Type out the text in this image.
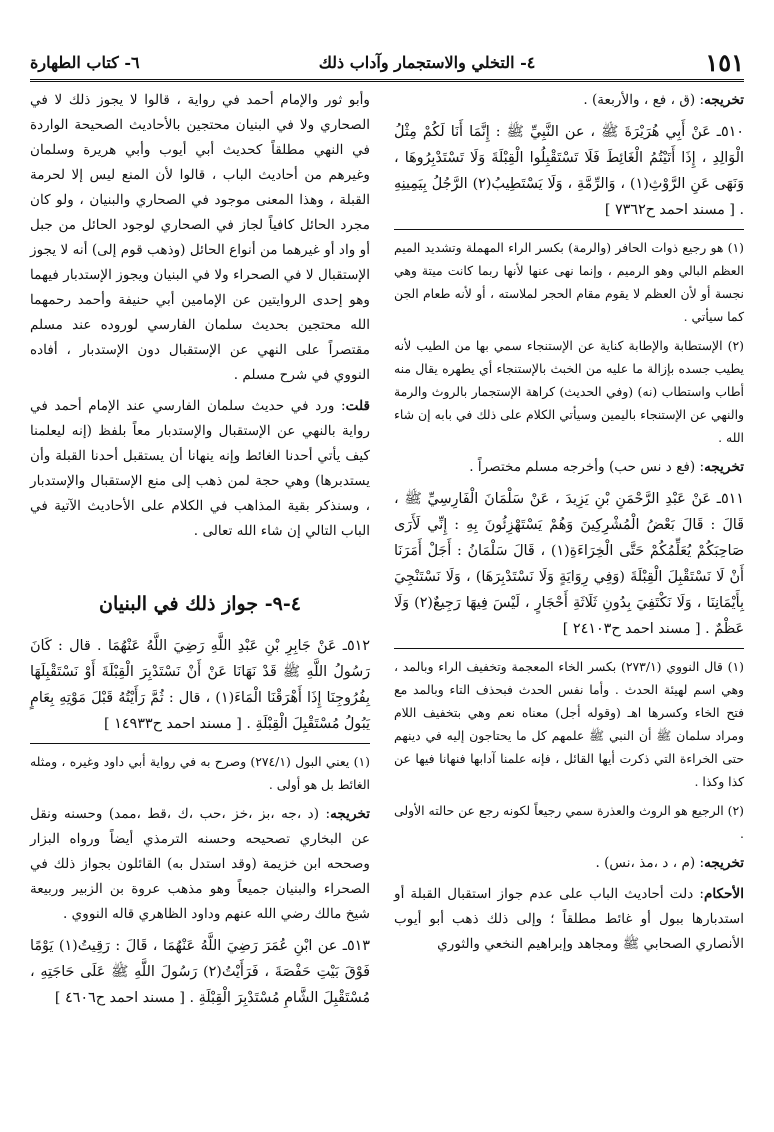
١٥١
٤- التخلي والاستجمار وآداب ذلك
٦- كتاب الطهارة

تخريجه: (ق ، فع ، والأربعة) .

٥١٠ـ عَنْ أَبِي هُرَيْرَةَ ﷺ ، عن النَّبِيِّ ﷺ : إِنَّمَا أَنَا لَكُمْ مِثْلُ الْوَالِدِ ، إِذَا أَتَيْتُمُ الْغَائِطَ فَلَا تَسْتَقْبِلُوا الْقِبْلَةَ وَلَا تَسْتَدْبِرُوهَا ، وَنَهَى عَنِ الرَّوْثِ(١) ، وَالرِّمَّةِ ، وَلَا يَسْتَطِيبُ(٢) الرَّجُلُ بِيَمِينِهِ . [ مسند احمد ح٧٣٦٢ ]

(١) هو رجيع ذوات الحافر (والرمة) بكسر الراء المهملة وتشديد الميم العظم البالي وهو الرميم ، وإنما نهى عنها لأنها ربما كانت ميتة وهي نجسة أو لأن العظم لا يقوم مقام الحجر لملاسته ، أو لأنه طعام الجن كما سيأتي .

(٢) الإستطابة والإطابة كناية عن الإستنجاء سمي بها من الطيب لأنه يطيب جسده بإزالة ما عليه من الخبث بالإستنجاء أي يطهره يقال منه أطاب واستطاب (نه) (وفي الحديث) كراهة الإستجمار بالروث والرمة والنهي عن الإستنجاء باليمين وسيأتي الكلام على ذلك في بابه إن شاء الله .

تخريجه: (فع د نس حب) وأخرجه مسلم مختصراً .

٥١١ـ عَنْ عَبْدِ الرَّحْمَنِ بْنِ يَزِيدَ ، عَنْ سَلْمَانَ الْفَارِسِيِّ ﷺ ، قَالَ : قَالَ بَعْضُ الْمُشْرِكِينَ وَهُمْ يَسْتَهْزِئُونَ بِهِ : إِنِّي لَأَرَى صَاحِبَكُمْ يُعَلِّمُكُمْ حَتَّى الْخِرَاءَةِ(١) ، قَالَ سَلْمَانُ : أَجَلْ أَمَرَنَا أَنْ لَا نَسْتَقْبِلَ الْقِبْلَةَ (وَفِي رِوَايَةٍ وَلَا نَسْتَدْبِرَهَا) ، وَلَا نَسْتَنْجِيَ بِأَيْمَانِنَا ، وَلَا نَكْتَفِيَ بِدُونِ ثَلَاثَةِ أَحْجَارٍ ، لَيْسَ فِيهَا رَجِيعٌ(٢) وَلَا عَظْمٌ . [ مسند احمد ح٢٤١٠٣ ]

(١) قال النووي (٢٧٣/١) بكسر الخاء المعجمة وتخفيف الراء وبالمد ، وهي اسم لهيئة الحدث . وأما نفس الحدث فبحذف التاء وبالمد مع فتح الخاء وكسرها اهـ (وقوله أجل) معناه نعم وهي بتخفيف اللام ومراد سلمان ﷺ أن النبي ﷺ علمهم كل ما يحتاجون إليه في دينهم حتى الخراءة التي ذكرت أيها القائل ، فإنه علمنا آدابها فنهانا فيها عن كذا وكذا .

(٢) الرجيع هو الروث والعذرة سمي رجيعاً لكونه رجع عن حالته الأولى .

تخريجه: (م ، د ،مذ ،نس) .

الأحكام: دلت أحاديث الباب على عدم جواز استقبال القبلة أو استدبارها ببول أو غائط مطلقاً ؛ وإلى ذلك ذهب أبو أيوب الأنصاري الصحابي ﷺ ومجاهد وإبراهيم النخعي والثوري

وأبو ثور والإمام أحمد في رواية ، قالوا لا يجوز ذلك لا في الصحاري ولا في البنيان محتجين بالأحاديث الصحيحة الواردة في النهي مطلقاً كحديث أبي أيوب وأبي هريرة وسلمان وغيرهم من أحاديث الباب ، قالوا لأن المنع ليس إلا لحرمة القبلة ، وهذا المعنى موجود في الصحاري والبنيان ، ولو كان مجرد الحائل كافياً لجاز في الصحاري لوجود الحائل من جبل أو واد أو غيرهما من أنواع الحائل (وذهب قوم إلى) أنه لا يجوز الإستقبال لا في الصحراء ولا في البنيان ويجوز الإستدبار فيهما وهو إحدى الروايتين عن الإمامين أبي حنيفة وأحمد رحمهما الله محتجين بحديث سلمان الفارسي لوروده عند مسلم مقتصراً على النهي عن الإستقبال دون الإستدبار ، أفاده النووي في شرح مسلم .

قلت: ورد في حديث سلمان الفارسي عند الإمام أحمد في رواية بالنهي عن الإستقبال والإستدبار معاً بلفظ (إنه ليعلمنا كيف يأتي أحدنا الغائط وإنه ينهانا أن يستقبل أحدنا القبلة وأن يستدبرها) وهي حجة لمن ذهب إلى منع الإستقبال والإستدبار ، وسنذكر بقية المذاهب في الكلام على الأحاديث الآتية في الباب التالي إن شاء الله تعالى .

٤-٩- جواز ذلك في البنيان

٥١٢ـ عَنْ جَابِرِ بْنِ عَبْدِ اللَّهِ رَضِيَ اللَّهُ عَنْهُمَا . قال : كَانَ رَسُولُ اللَّهِ ﷺ قَدْ نَهَانَا عَنْ أَنْ نَسْتَدْبِرَ الْقِبْلَةَ أَوْ نَسْتَقْبِلَهَا بِفُرُوجِنَا إِذَا أَهْرَقْنَا الْمَاءَ(١) ، قال : ثُمَّ رَأَيْتُهُ قَبْلَ مَوْتِهِ بِعَامٍ يَبُولُ مُسْتَقْبِلَ الْقِبْلَةِ . [ مسند احمد ح١٤٩٣٣ ]

(١) يعني البول (٢٧٤/١) وصرح به في رواية أبي داود وغيره ، ومثله الغائط بل هو أولى .

تخريجه: (د ،جه ،بز ،خز ،حب ،ك ،قط ،ممد) وحسنه ونقل عن البخاري تصحيحه وحسنه الترمذي أيضاً ورواه البزار وصححه ابن خزيمة (وقد استدل به) القائلون بجواز ذلك في الصحراء والبنيان جميعاً وهو مذهب عروة بن الزبير وربيعة شيخ مالك رضي الله عنهم وداود الظاهري قاله النووي .

٥١٣ـ عن ابْنِ عُمَرَ رَضِيَ اللَّهُ عَنْهُمَا ، قَالَ : رَقِيتُ(١) يَوْمًا فَوْقَ بَيْتِ حَفْصَةَ ، فَرَأَيْتُ(٢) رَسُولَ اللَّهِ ﷺ عَلَى حَاجَتِهِ ، مُسْتَقْبِلَ الشَّامِ مُسْتَدْبِرَ الْقِبْلَةِ . [ مسند احمد ح٤٦٠٦ ]
